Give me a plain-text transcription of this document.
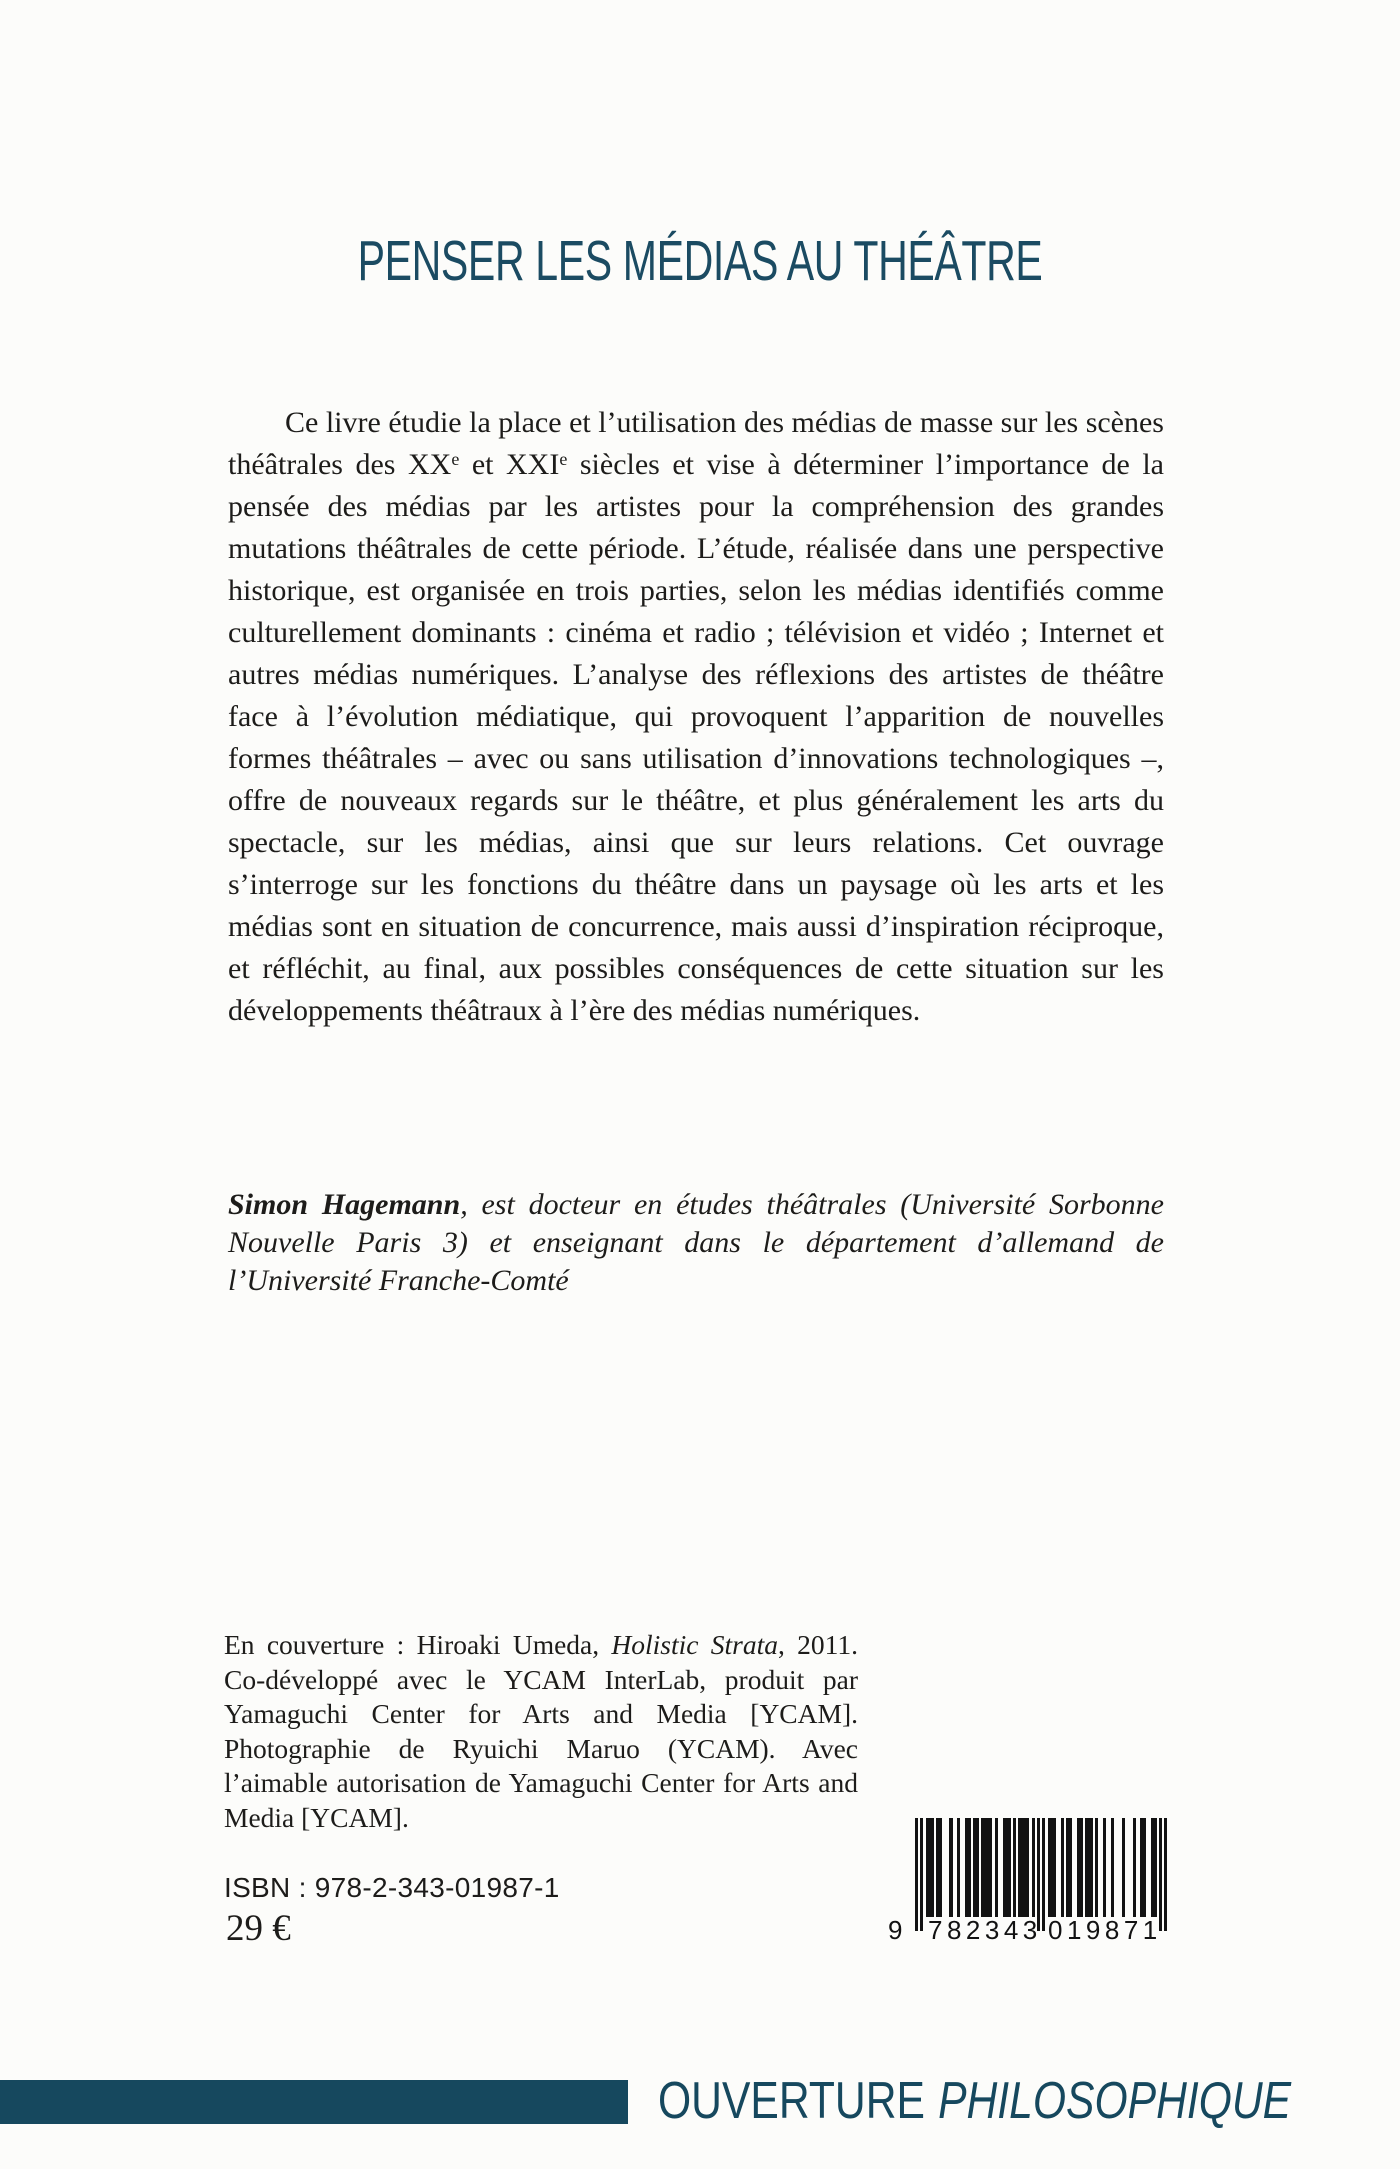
PENSER LES MÉDIAS AU THÉÂTRE
Ce livre étudie la place et l’utilisation des médias de masse sur les scènes théâtrales des XXe et XXIe siècles et vise à déterminer l’importance de la pensée des médias par les artistes pour la compréhension des grandes mutations théâtrales de cette période. L’étude, réalisée dans une perspective historique, est organisée en trois parties, selon les médias identifiés comme culturellement dominants : cinéma et radio ; télévision et vidéo ; Internet et autres médias numériques. L’analyse des réflexions des artistes de théâtre face à l’évolution médiatique, qui provoquent l’apparition de nouvelles formes théâtrales – avec ou sans utilisation d’innovations technologiques –, offre de nouveaux regards sur le théâtre, et plus généralement les arts du spectacle, sur les médias, ainsi que sur leurs relations. Cet ouvrage s’interroge sur les fonctions du théâtre dans un paysage où les arts et les médias sont en situation de concurrence, mais aussi d’inspiration réciproque, et réfléchit, au final, aux possibles conséquences de cette situation sur les développements théâtraux à l’ère des médias numériques.

Simon Hagemann, est docteur en études théâtrales (Université Sorbonne Nouvelle Paris 3) et enseignant dans le département d’allemand de l’Université Franche-Comté

En couverture : Hiroaki Umeda, Holistic Strata, 2011. Co-développé avec le YCAM InterLab, produit par Yamaguchi Center for Arts and Media [YCAM]. Photographie de Ryuichi Maruo (YCAM). Avec l’aimable autorisation de Yamaguchi Center for Arts and Media [YCAM].

ISBN : 978-2-343-01987-1
29 €	9 782343 019871
OUVERTURE PHILOSOPHIQUE
